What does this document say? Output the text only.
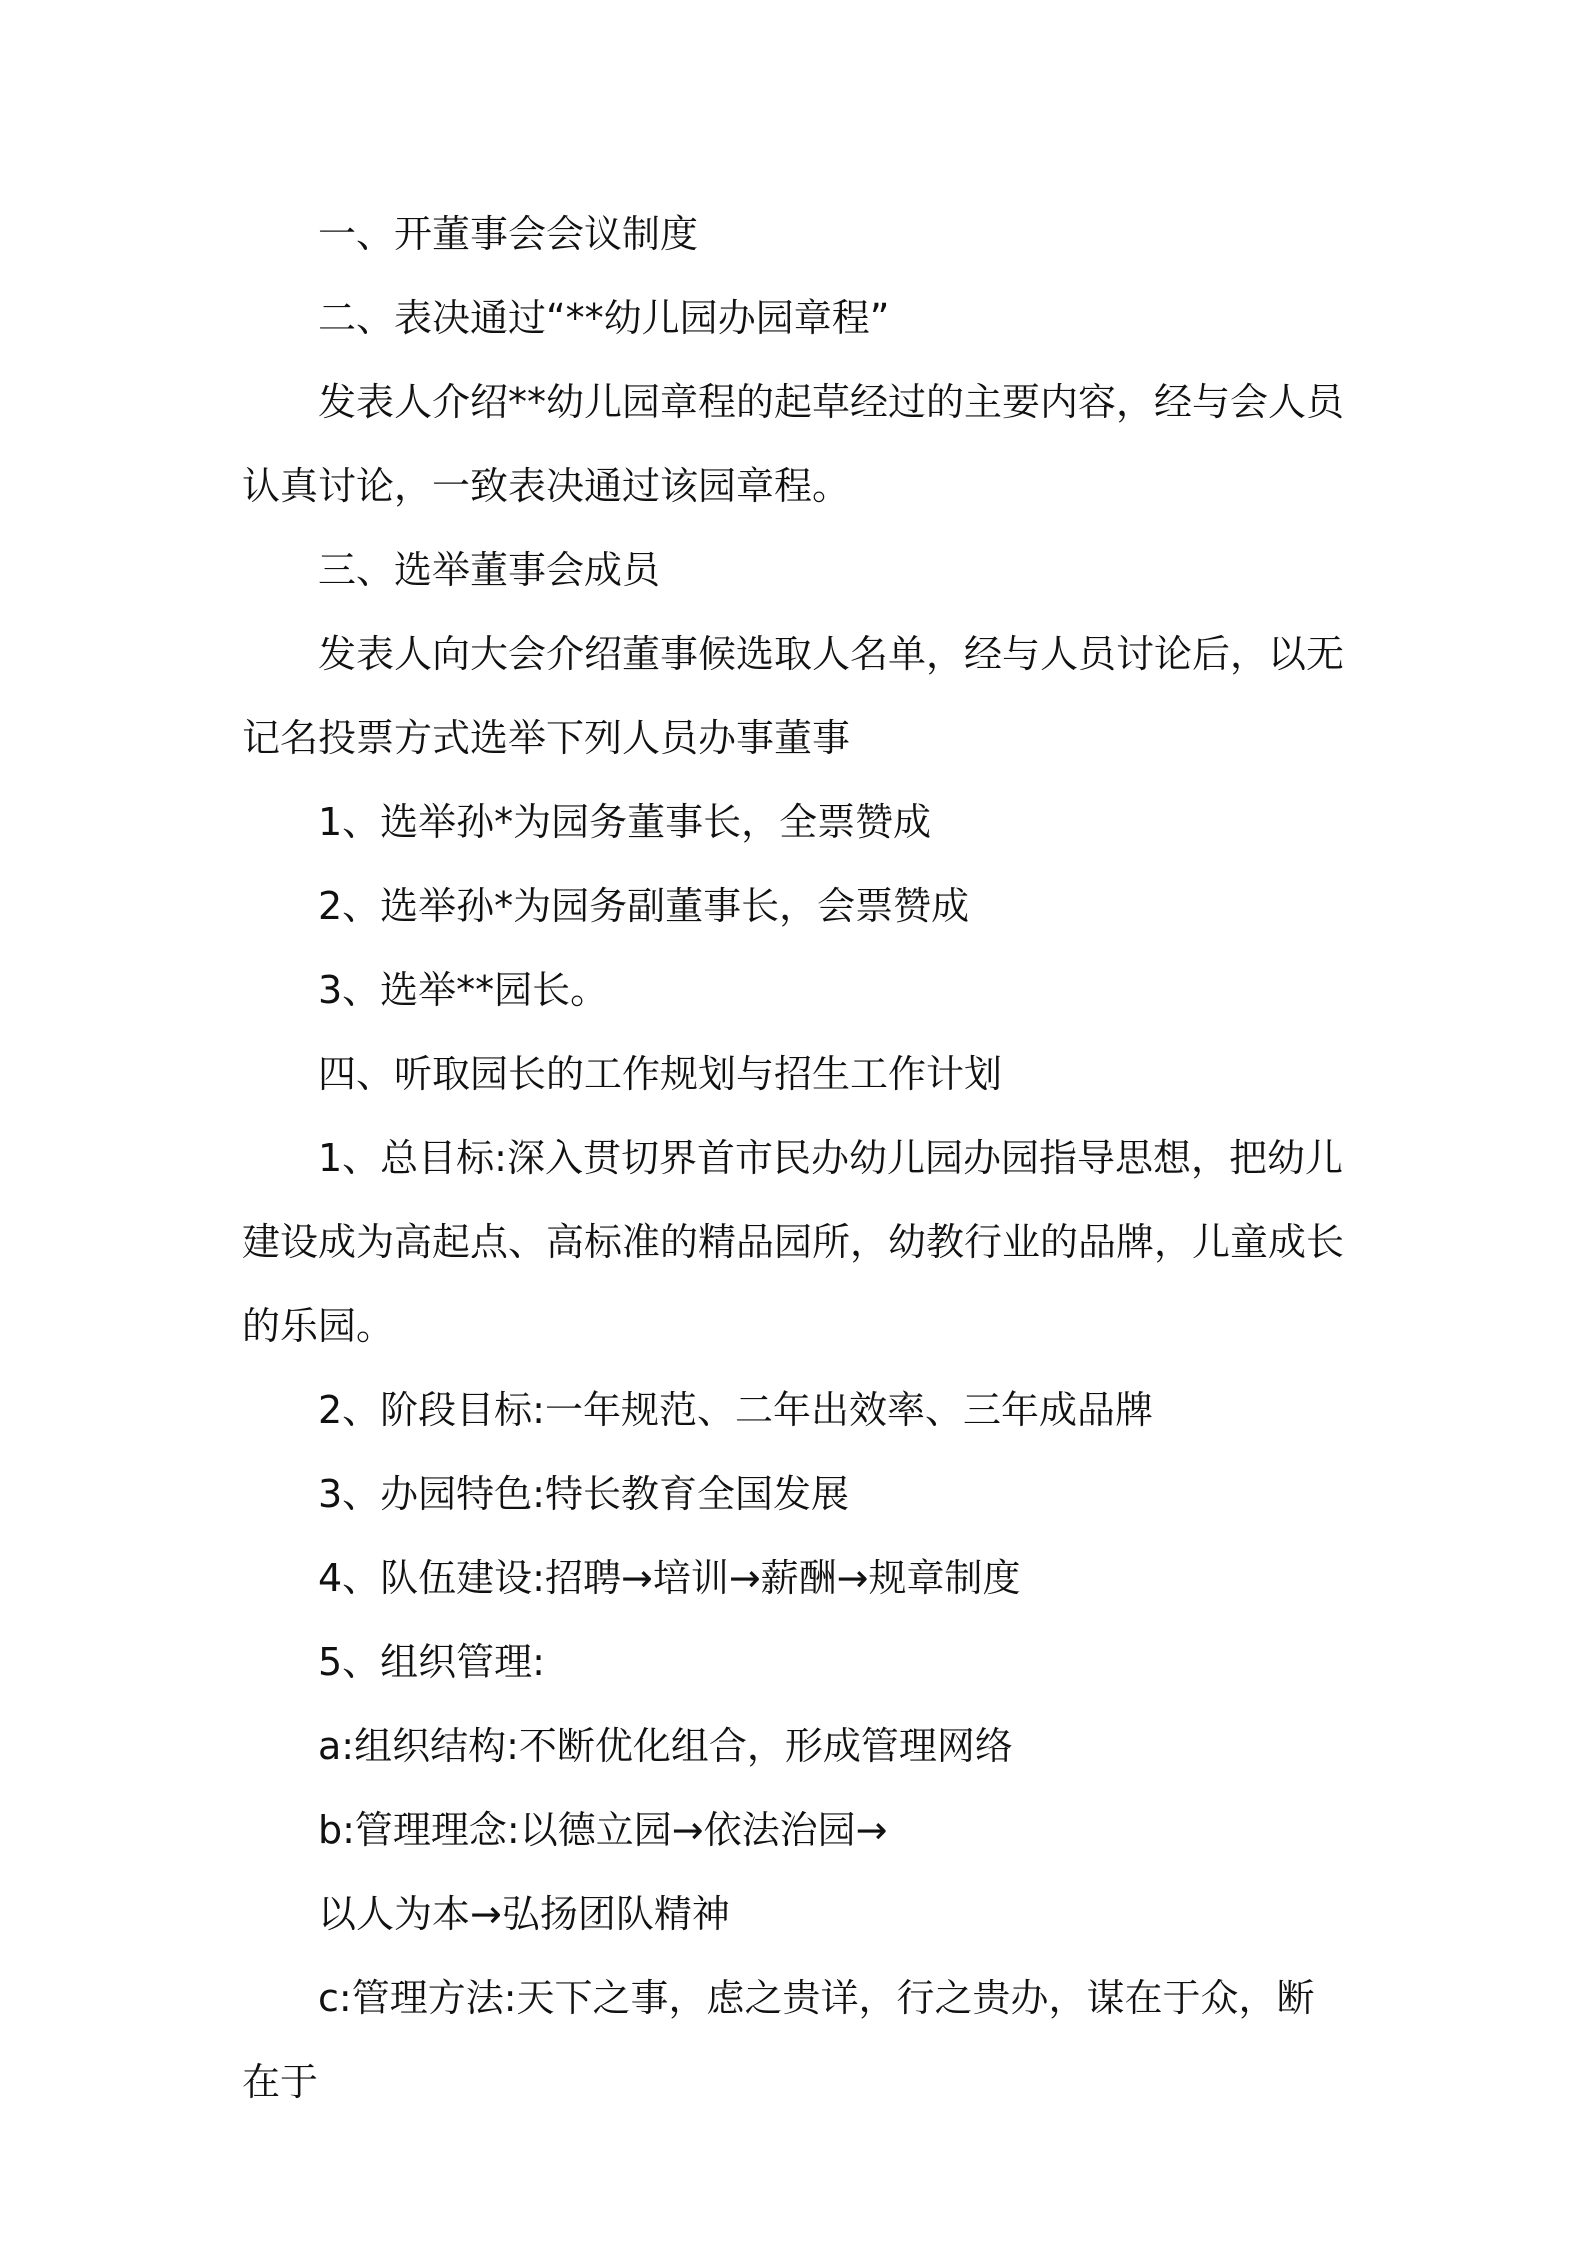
一、开董事会会议制度

二、表决通过“**幼儿园办园章程”

发表人介绍**幼儿园章程的起草经过的主要内容，经与会人员认真讨论，一致表决通过该园章程。

三、选举董事会成员

发表人向大会介绍董事候选取人名单，经与人员讨论后，以无记名投票方式选举下列人员办事董事

1、选举孙*为园务董事长，全票赞成

2、选举孙*为园务副董事长，会票赞成

3、选举**园长。

四、听取园长的工作规划与招生工作计划

1、总目标:深入贯切界首市民办幼儿园办园指导思想，把幼儿建设成为高起点、高标准的精品园所，幼教行业的品牌，儿童成长的乐园。

2、阶段目标:一年规范、二年出效率、三年成品牌

3、办园特色:特长教育全国发展

4、队伍建设:招聘→培训→薪酬→规章制度

5、组织管理:

a:组织结构:不断优化组合，形成管理网络

b:管理理念:以德立园→依法治园→

以人为本→弘扬团队精神

c:管理方法:天下之事，虑之贵详，行之贵办，谋在于众，断在于
